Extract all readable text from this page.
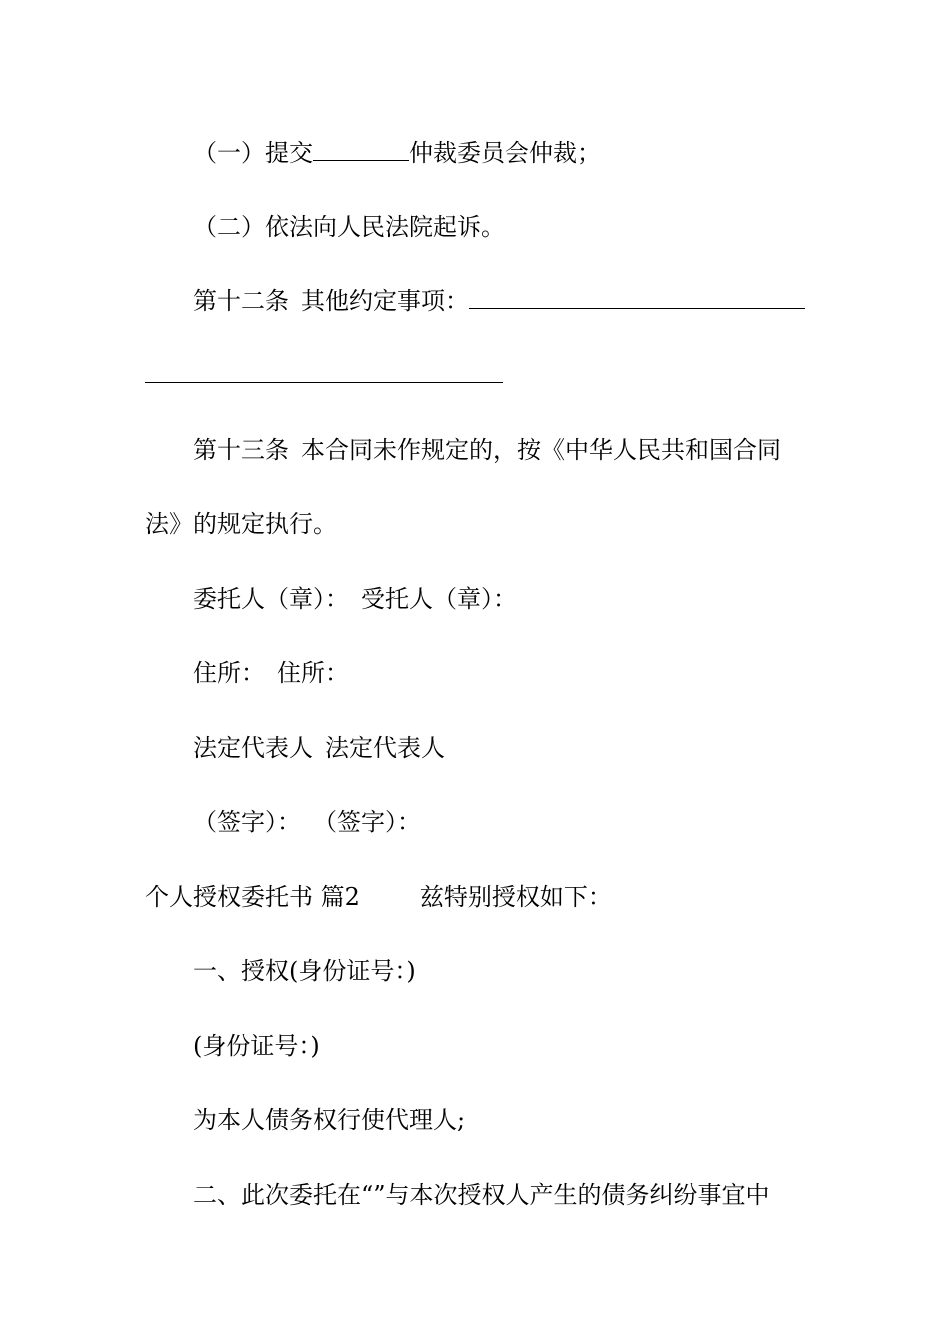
（一）提交	仲裁委员会仲裁；
（二）依法向人民法院起诉。
第十二条 其他约定事项：
第十三条 本合同未作规定的，按《中华人民共和国合同
法》的规定执行。
委托人（章）： 受托人（章）：
住所： 住所：
法定代表人 法定代表人
（签字）： （签字）：
个人授权委托书 篇2	兹特别授权如下：
一、授权(身份证号：)
(身份证号：)
为本人债务权行使代理人;
二、此次委托在“”与本次授权人产生的债务纠纷事宜中
